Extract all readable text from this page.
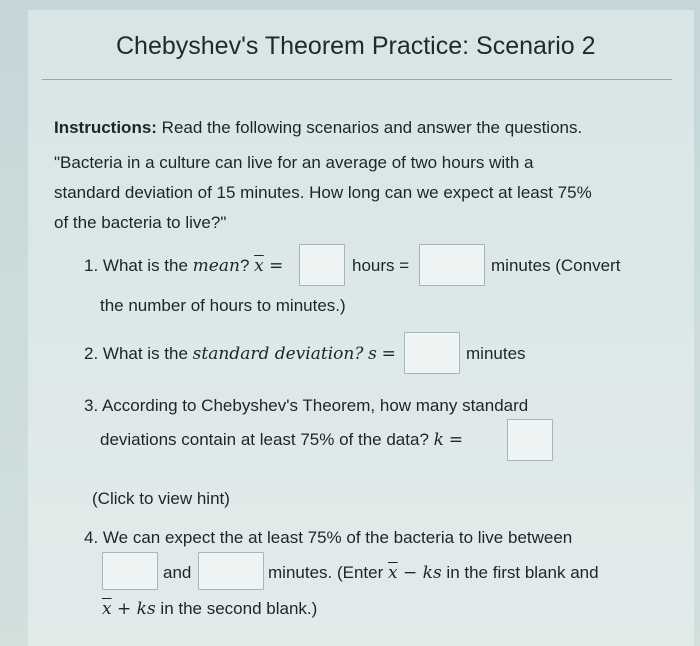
Chebyshev's Theorem Practice: Scenario 2
Instructions: Read the following scenarios and answer the questions.
"Bacteria in a culture can live for an average of two hours with a
standard deviation of 15 minutes. How long can we expect at least 75%
of the bacteria to live?"
1. What is the mean? $\overline{x}$ =	hours =	minutes (Convert
the number of hours to minutes.)
2. What is the standard deviation? s =	minutes
3. According to Chebyshev's Theorem, how many standard
deviations contain at least 75% of the data? k =
(Click to view hint)
4. We can expect the at least 75% of the bacteria to live between
and	minutes. (Enter $\overline{x}$ − ks in the first blank and
$\overline{x}$ + ks in the second blank.)
